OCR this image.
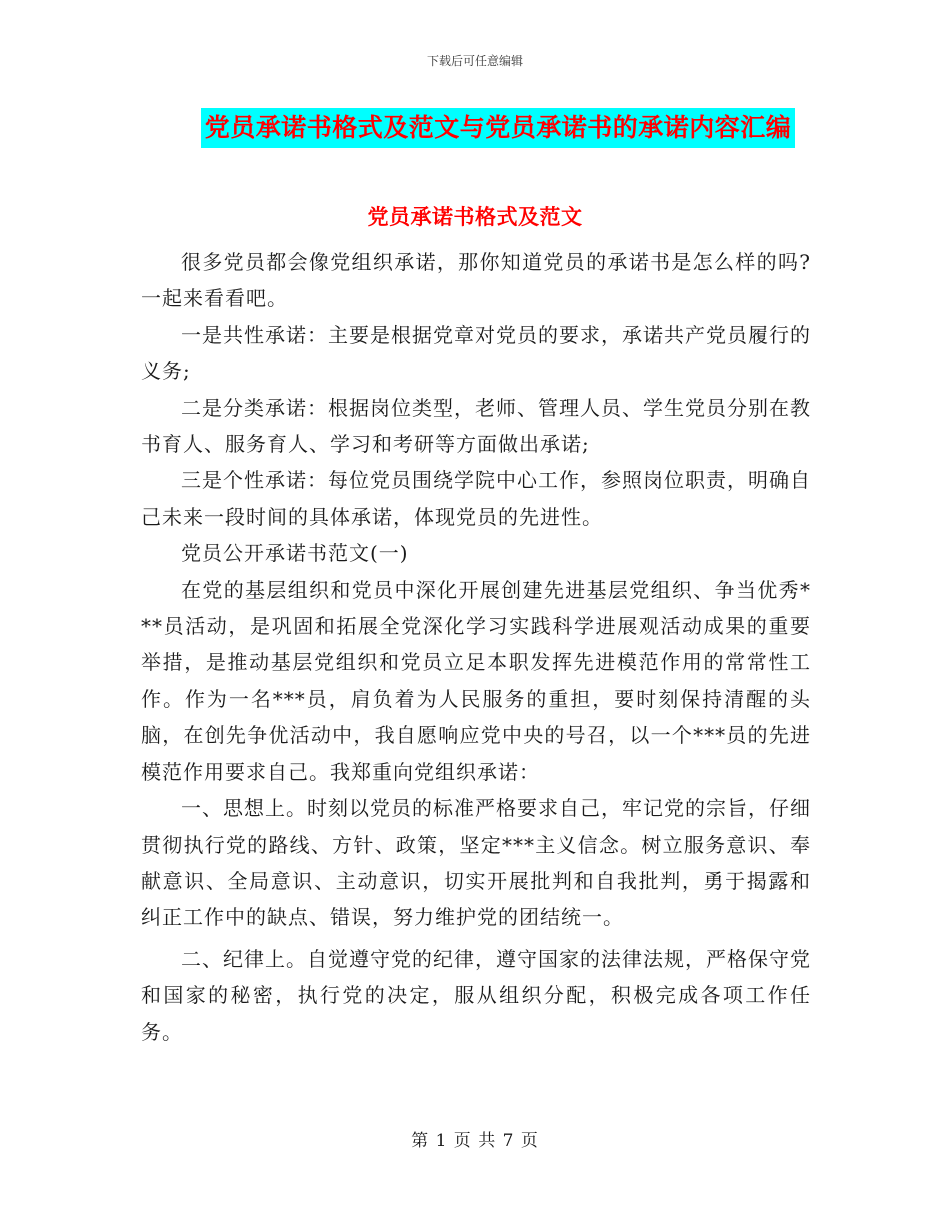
下载后可任意编辑
党员承诺书格式及范文与党员承诺书的承诺内容汇编
党员承诺书格式及范文

很多党员都会像党组织承诺，那你知道党员的承诺书是怎么样的吗?一起来看看吧。

一是共性承诺：主要是根据党章对党员的要求，承诺共产党员履行的义务;

二是分类承诺：根据岗位类型，老师、管理人员、学生党员分别在教书育人、服务育人、学习和考研等方面做出承诺;

三是个性承诺：每位党员围绕学院中心工作，参照岗位职责，明确自己未来一段时间的具体承诺，体现党员的先进性。

党员公开承诺书范文(一)

在党的基层组织和党员中深化开展创建先进基层党组织、争当优秀***员活动，是巩固和拓展全党深化学习实践科学进展观活动成果的重要举措，是推动基层党组织和党员立足本职发挥先进模范作用的常常性工作。作为一名***员，肩负着为人民服务的重担，要时刻保持清醒的头脑，在创先争优活动中，我自愿响应党中央的号召，以一个***员的先进模范作用要求自己。我郑重向党组织承诺：

一、思想上。时刻以党员的标准严格要求自己，牢记党的宗旨，仔细贯彻执行党的路线、方针、政策，坚定***主义信念。树立服务意识、奉献意识、全局意识、主动意识，切实开展批判和自我批判，勇于揭露和纠正工作中的缺点、错误，努力维护党的团结统一。

二、纪律上。自觉遵守党的纪律，遵守国家的法律法规，严格保守党和国家的秘密，执行党的决定，服从组织分配，积极完成各项工作任务。

第 1 页 共 7 页
